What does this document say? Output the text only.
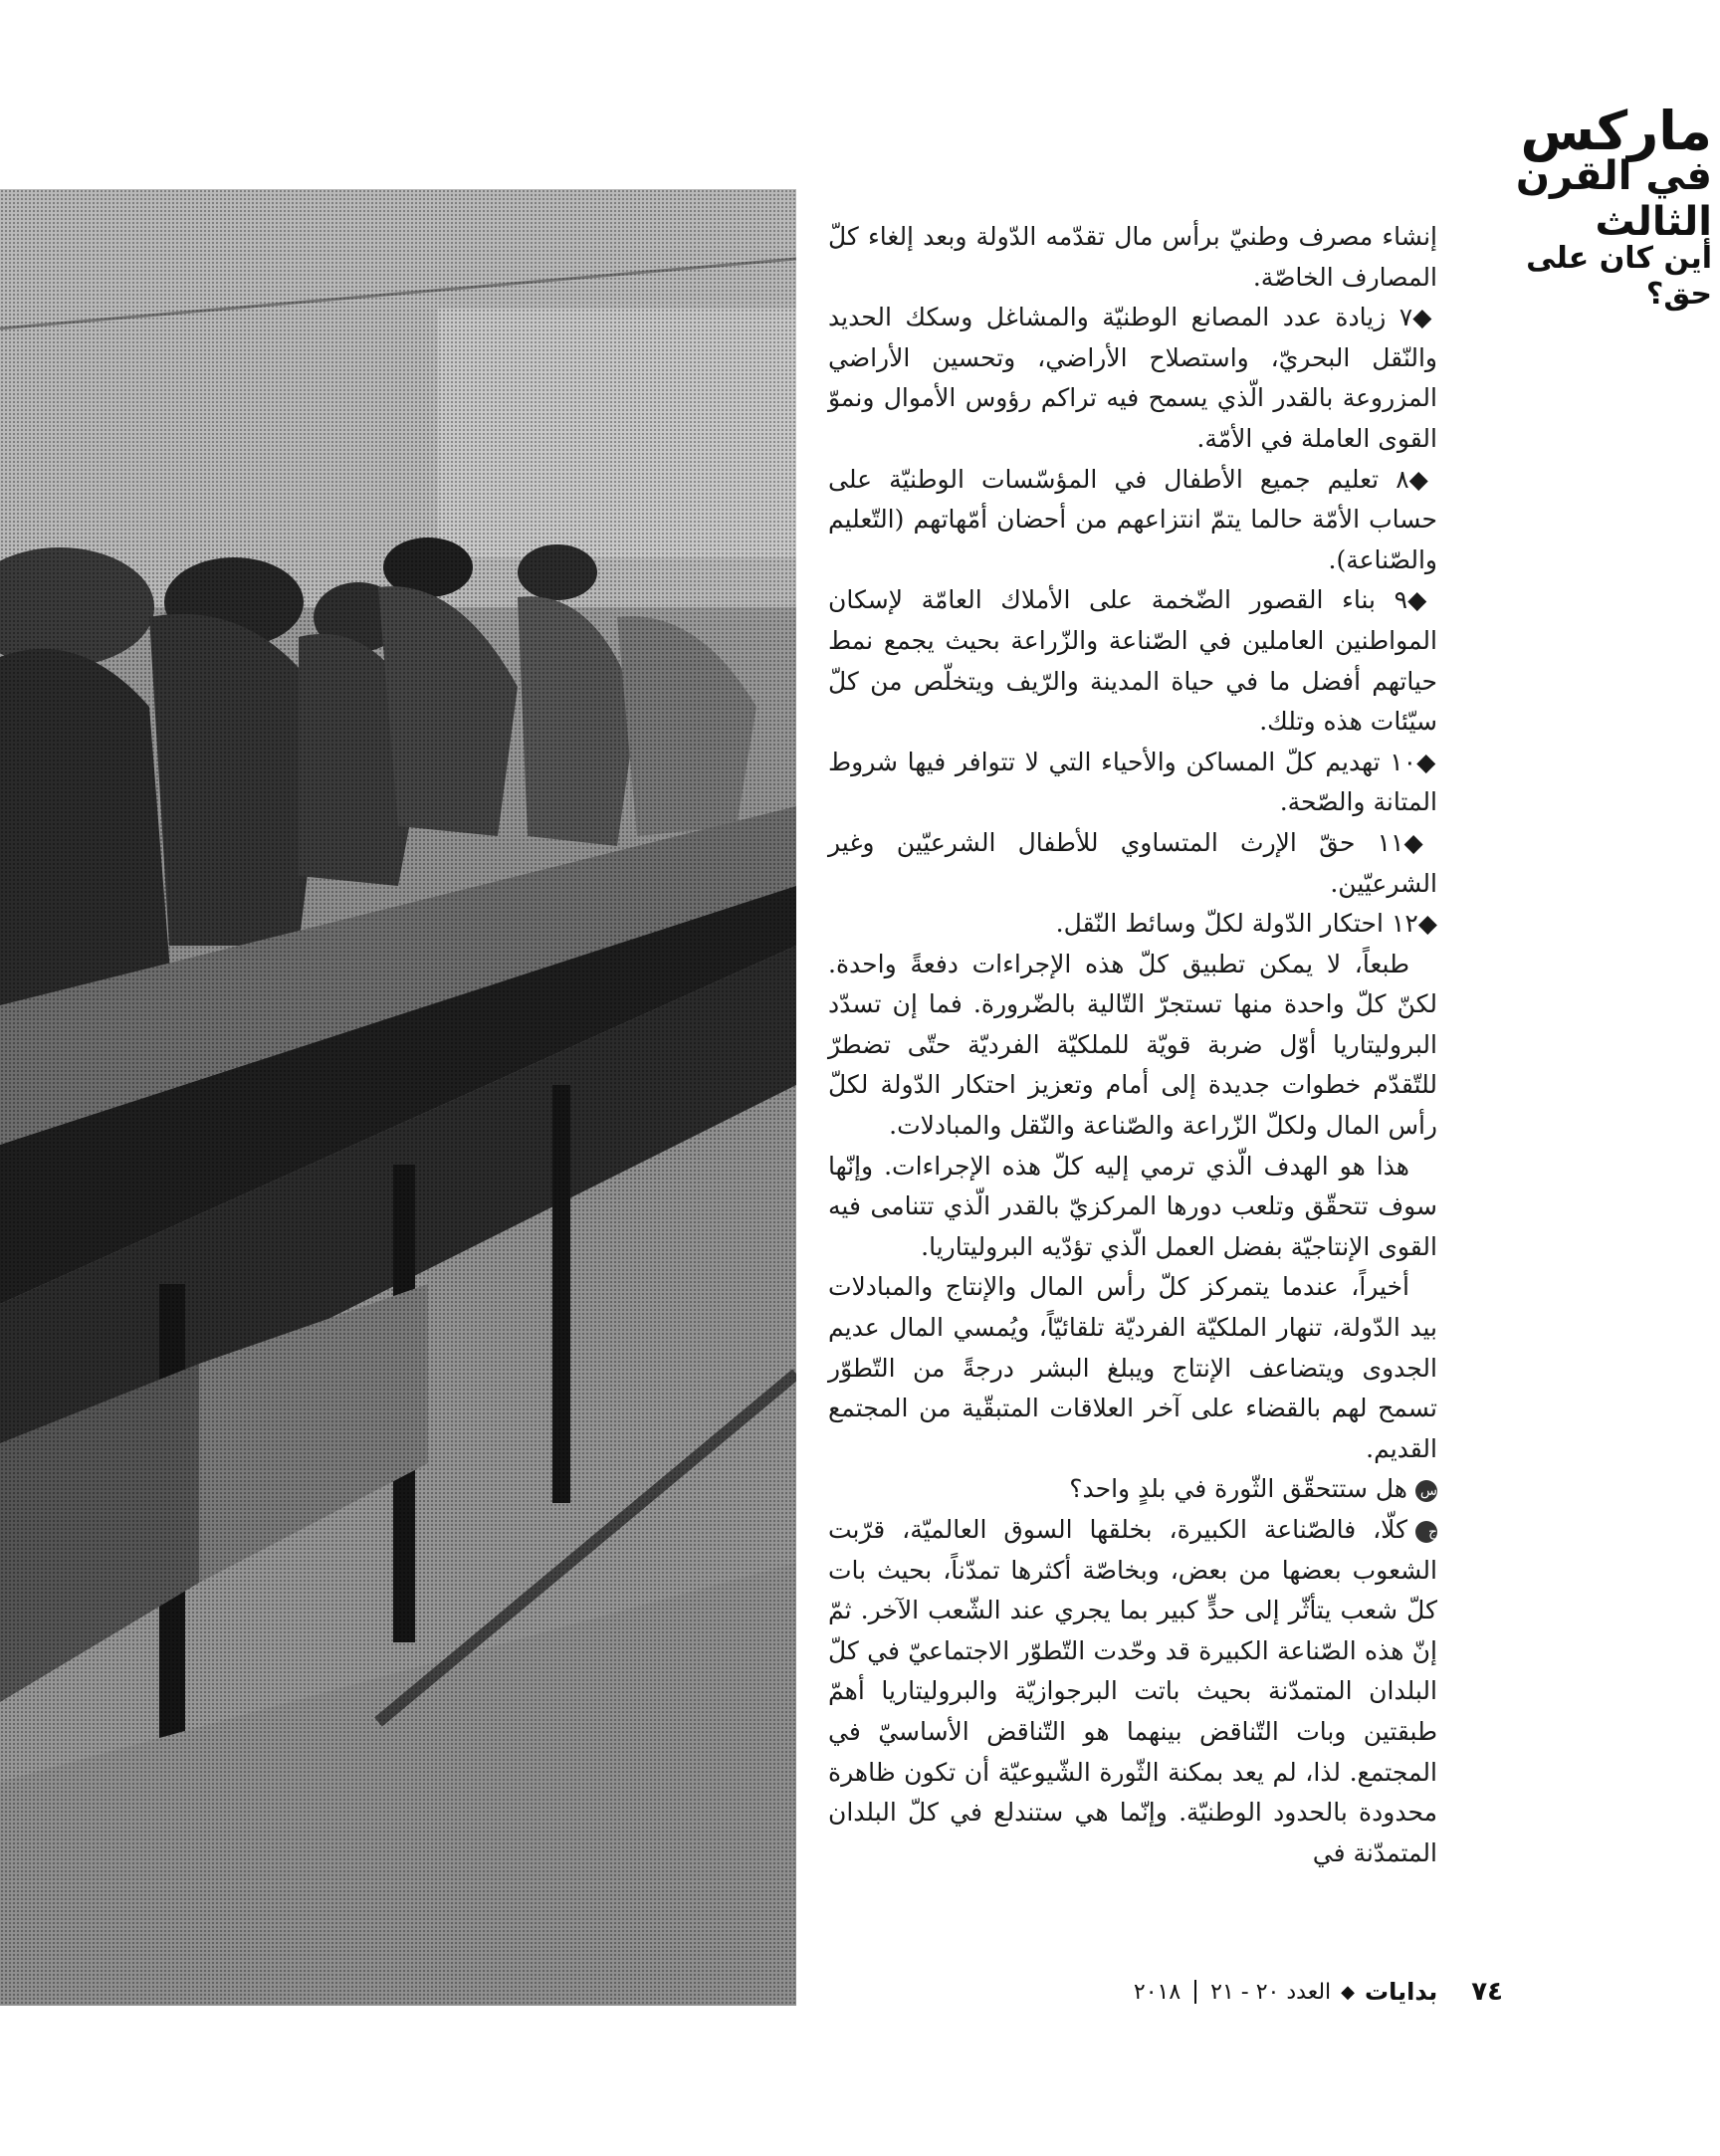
ماركس
في القرن الثالث
أين كان على حق؟

إنشاء مصرف وطنيّ برأس مال تقدّمه الدّولة وبعد إلغاء كلّ المصارف الخاصّة.

◆٧ زيادة عدد المصانع الوطنيّة والمشاغل وسكك الحديد والنّقل البحريّ، واستصلاح الأراضي، وتحسين الأراضي المزروعة بالقدر الّذي يسمح فيه تراكم رؤوس الأموال ونموّ القوى العاملة في الأمّة.

◆٨ تعليم جميع الأطفال في المؤسّسات الوطنيّة على حساب الأمّة حالما يتمّ انتزاعهم من أحضان أمّهاتهم (التّعليم والصّناعة).

◆٩ بناء القصور الضّخمة على الأملاك العامّة لإسكان المواطنين العاملين في الصّناعة والزّراعة بحيث يجمع نمط حياتهم أفضل ما في حياة المدينة والرّيف ويتخلّص من كلّ سيّئات هذه وتلك.

◆١٠ تهديم كلّ المساكن والأحياء التي لا تتوافر فيها شروط المتانة والصّحة.

◆١١ حقّ الإرث المتساوي للأطفال الشرعيّين وغير الشرعيّين.

◆١٢ احتكار الدّولة لكلّ وسائط النّقل.

طبعاً، لا يمكن تطبيق كلّ هذه الإجراءات دفعةً واحدة. لكنّ كلّ واحدة منها تستجرّ التّالية بالضّرورة. فما إن تسدّد البروليتاريا أوّل ضربة قويّة للملكيّة الفرديّة حتّى تضطرّ للتّقدّم خطوات جديدة إلى أمام وتعزيز احتكار الدّولة لكلّ رأس المال ولكلّ الزّراعة والصّناعة والنّقل والمبادلات.

هذا هو الهدف الّذي ترمي إليه كلّ هذه الإجراءات. وإنّها سوف تتحقّق وتلعب دورها المركزيّ بالقدر الّذي تتنامى فيه القوى الإنتاجيّة بفضل العمل الّذي تؤدّيه البروليتاريا.

أخيراً، عندما يتمركز كلّ رأس المال والإنتاج والمبادلات بيد الدّولة، تنهار الملكيّة الفرديّة تلقائيّاً، ويُمسي المال عديم الجدوى ويتضاعف الإنتاج ويبلغ البشر درجةً من التّطوّر تسمح لهم بالقضاء على آخر العلاقات المتبقّية من المجتمع القديم.

سهل ستتحقّق الثّورة في بلدٍ واحد؟

جكلّا، فالصّناعة الكبيرة، بخلقها السوق العالميّة، قرّبت الشعوب بعضها من بعض، وبخاصّة أكثرها تمدّناً، بحيث بات كلّ شعب يتأثّر إلى حدٍّ كبير بما يجري عند الشّعب الآخر. ثمّ إنّ هذه الصّناعة الكبيرة قد وحّدت التّطوّر الاجتماعيّ في كلّ البلدان المتمدّنة بحيث باتت البرجوازيّة والبروليتاريا أهمّ طبقتين وبات التّناقض بينهما هو التّناقض الأساسيّ في المجتمع. لذا، لم يعد بمكنة الثّورة الشّيوعيّة أن تكون ظاهرة محدودة بالحدود الوطنيّة. وإنّما هي ستندلع في كلّ البلدان المتمدّنة في

٧٤
بدايات
◆
العدد ٢٠ - ٢١
٢٠١٨
